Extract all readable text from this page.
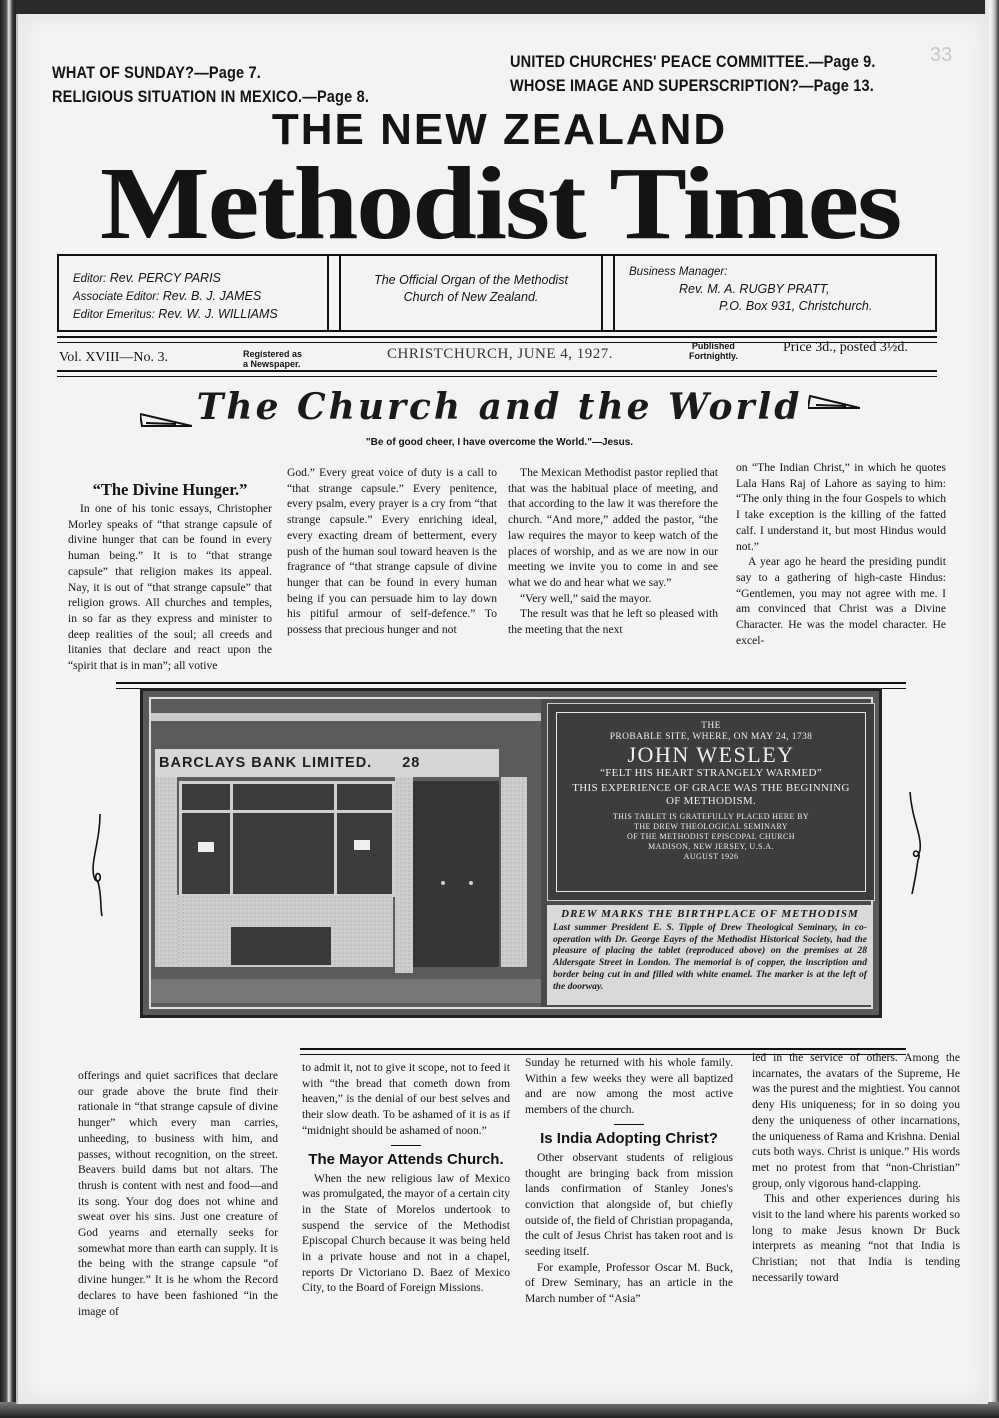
WHAT OF SUNDAY?—Page 7.
RELIGIOUS SITUATION IN MEXICO.—Page 8.
UNITED CHURCHES' PEACE COMMITTEE.—Page 9.
WHOSE IMAGE AND SUPERSCRIPTION?—Page 13.
33
THE NEW ZEALAND
Methodist Times
Editor: Rev. PERCY PARIS
Associate Editor: Rev. B. J. JAMES
Editor Emeritus: Rev. W. J. WILLIAMS
The Official Organ of the Methodist
Church of New Zealand.
Business Manager:
Rev. M. A. RUGBY PRATT,
P.O. Box 931, Christchurch.
Vol. XVIII—No. 3.	Registered as
a Newspaper.
CHRISTCHURCH, JUNE 4, 1927.	Published
Fortnightly.
Price 3d., posted 3½d.
The Church and the World
"Be of good cheer, I have overcome the World."—Jesus.
“The Divine Hunger.”

In one of his tonic essays, Christopher Morley speaks of “that strange capsule of divine hunger that can be found in every human being.” It is to “that strange capsule” that religion makes its appeal. Nay, it is out of “that strange capsule” that religion grows. All churches and temples, in so far as they express and minister to deep realities of the soul; all creeds and litanies that declare and react upon the “spirit that is in man”; all votive

God.” Every great voice of duty is a call to “that strange capsule.” Every penitence, every psalm, every prayer is a cry from “that strange capsule.” Every enriching ideal, every exacting dream of betterment, every push of the human soul toward heaven is the fragrance of “that strange capsule of divine hunger that can be found in every human being if you can persuade him to lay down his pitiful armour of self-defence.” To possess that precious hunger and not

The Mexican Methodist pastor replied that that was the habitual place of meeting, and that according to the law it was therefore the church. “And more,” added the pastor, “the law requires the mayor to keep watch of the places of worship, and as we are now in our meeting we invite you to come in and see what we do and hear what we say.”

“Very well,” said the mayor.

The result was that he left so pleased with the meeting that the next

on “The Indian Christ,” in which he quotes Lala Hans Raj of Lahore as saying to him: “The only thing in the four Gospels to which I take exception is the killing of the fatted calf. I understand it, but most Hindus would not.”

A year ago he heard the presiding pundit say to a gathering of high-caste Hindus: “Gentlemen, you may not agree with me. I am convinced that Christ was a Divine Character. He was the model character. He excel-

BARCLAYS BANK LIMITED. 28
THE
PROBABLE SITE, WHERE, ON MAY 24, 1738
JOHN WESLEY
“FELT HIS HEART STRANGELY WARMED”
THIS EXPERIENCE OF GRACE WAS THE BEGINNING
OF METHODISM.
THIS TABLET IS GRATEFULLY PLACED HERE BY
THE DREW THEOLOGICAL SEMINARY
OF THE METHODIST EPISCOPAL CHURCH
MADISON, NEW JERSEY, U.S.A.
AUGUST 1926
DREW MARKS THE BIRTHPLACE OF METHODISM
Last summer President E. S. Tipple of Drew Theological Seminary, in co-operation with Dr. George Eayrs of the Methodist Historical Society, had the pleasure of placing the tablet (reproduced above) on the premises at 28 Aldersgate Street in London. The memorial is of copper, the inscription and border being cut in and filled with white enamel. The marker is at the left of the doorway.

offerings and quiet sacrifices that declare our grade above the brute find their rationale in “that strange capsule of divine hunger” which every man carries, unheeding, to business with him, and passes, without recognition, on the street. Beavers build dams but not altars. The thrush is content with nest and food—and its song. Your dog does not whine and sweat over his sins. Just one creature of God yearns and eternally seeks for somewhat more than earth can supply. It is the being with the strange capsule “of divine hunger.” It is he whom the Record declares to have been fashioned “in the image of

to admit it, not to give it scope, not to feed it with “the bread that cometh down from heaven,” is the denial of our best selves and their slow death. To be ashamed of it is as if “midnight should be ashamed of noon.”

The Mayor Attends Church.

When the new religious law of Mexico was promulgated, the mayor of a certain city in the State of Morelos undertook to suspend the service of the Methodist Episcopal Church because it was being held in a private house and not in a chapel, reports Dr Victoriano D. Baez of Mexico City, to the Board of Foreign Missions.

Sunday he returned with his whole family. Within a few weeks they were all baptized and are now among the most active members of the church.

Is India Adopting Christ?

Other observant students of religious thought are bringing back from mission lands confirmation of Stanley Jones's conviction that alongside of, but chiefly outside of, the field of Christian propaganda, the cult of Jesus Christ has taken root and is seeding itself.

For example, Professor Oscar M. Buck, of Drew Seminary, has an article in the March number of “Asia”

led in the service of others. Among the incarnates, the avatars of the Supreme, He was the purest and the mightiest. You cannot deny His uniqueness; for in so doing you deny the uniqueness of other incarnations, the uniqueness of Rama and Krishna. Denial cuts both ways. Christ is unique.” His words met no protest from that “non-Christian” group, only vigorous hand-clapping.

This and other experiences during his visit to the land where his parents worked so long to make Jesus known Dr Buck interprets as meaning “not that India is Christian; not that India is tending necessarily toward
